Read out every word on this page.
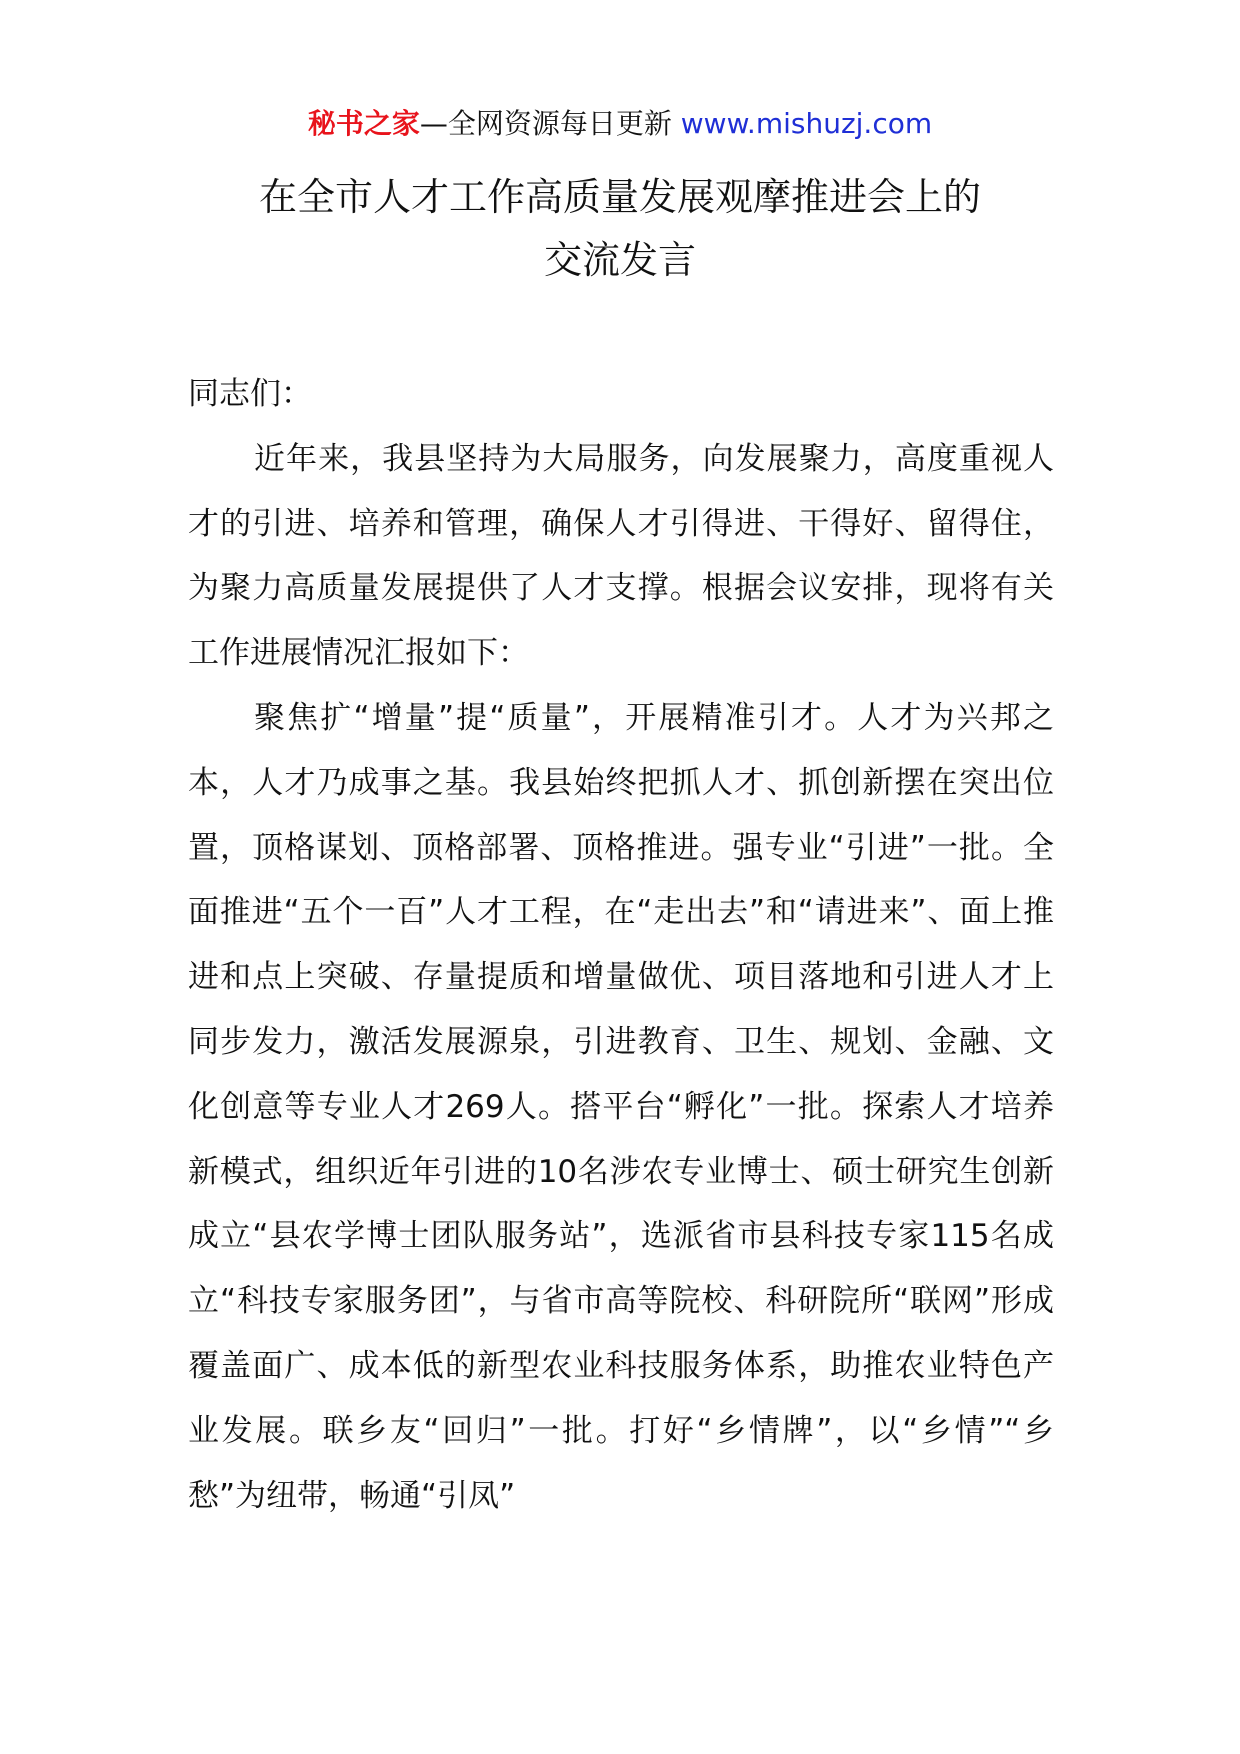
秘书之家—全网资源每日更新 www.mishuzj.com
在全市人才工作高质量发展观摩推进会上的
交流发言

同志们：

近年来，我县坚持为大局服务，向发展聚力，高度重视人才的引进、培养和管理，确保人才引得进、干得好、留得住，为聚力高质量发展提供了人才支撑。根据会议安排，现将有关工作进展情况汇报如下：

聚焦扩“增量”提“质量”，开展精准引才。人才为兴邦之本，人才乃成事之基。我县始终把抓人才、抓创新摆在突出位置，顶格谋划、顶格部署、顶格推进。强专业“引进”一批。全面推进“五个一百”人才工程，在“走出去”和“请进来”、面上推进和点上突破、存量提质和增量做优、项目落地和引进人才上同步发力，激活发展源泉，引进教育、卫生、规划、金融、文化创意等专业人才269人。搭平台“孵化”一批。探索人才培养新模式，组织近年引进的10名涉农专业博士、硕士研究生创新成立“县农学博士团队服务站”，选派省市县科技专家115名成立“科技专家服务团”，与省市高等院校、科研院所“联网”形成覆盖面广、成本低的新型农业科技服务体系，助推农业特色产业发展。联乡友“回归”一批。打好“乡情牌”，以“乡情”“乡愁”为纽带，畅通“引凤”
